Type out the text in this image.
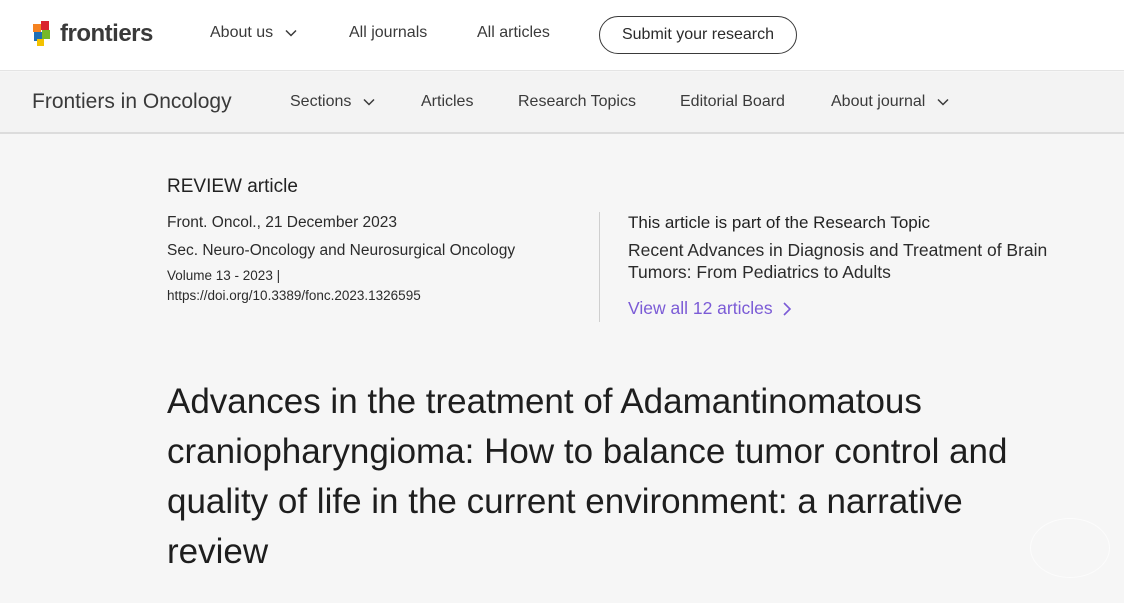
frontiers	About us	All journals	All articles	Submit your research
Frontiers in Oncology	Sections	Articles	Research Topics	Editorial Board	About journal
REVIEW article
Front. Oncol., 21 December 2023
Sec. Neuro-Oncology and Neurosurgical Oncology
Volume 13 - 2023 |
https://doi.org/10.3389/fonc.2023.1326595
This article is part of the Research Topic
Recent Advances in Diagnosis and Treatment of Brain Tumors: From Pediatrics to Adults
View all 12 articles
Advances in the treatment of Adamantinomatous craniopharyngioma: How to balance tumor control and quality of life in the current environment: a narrative review
